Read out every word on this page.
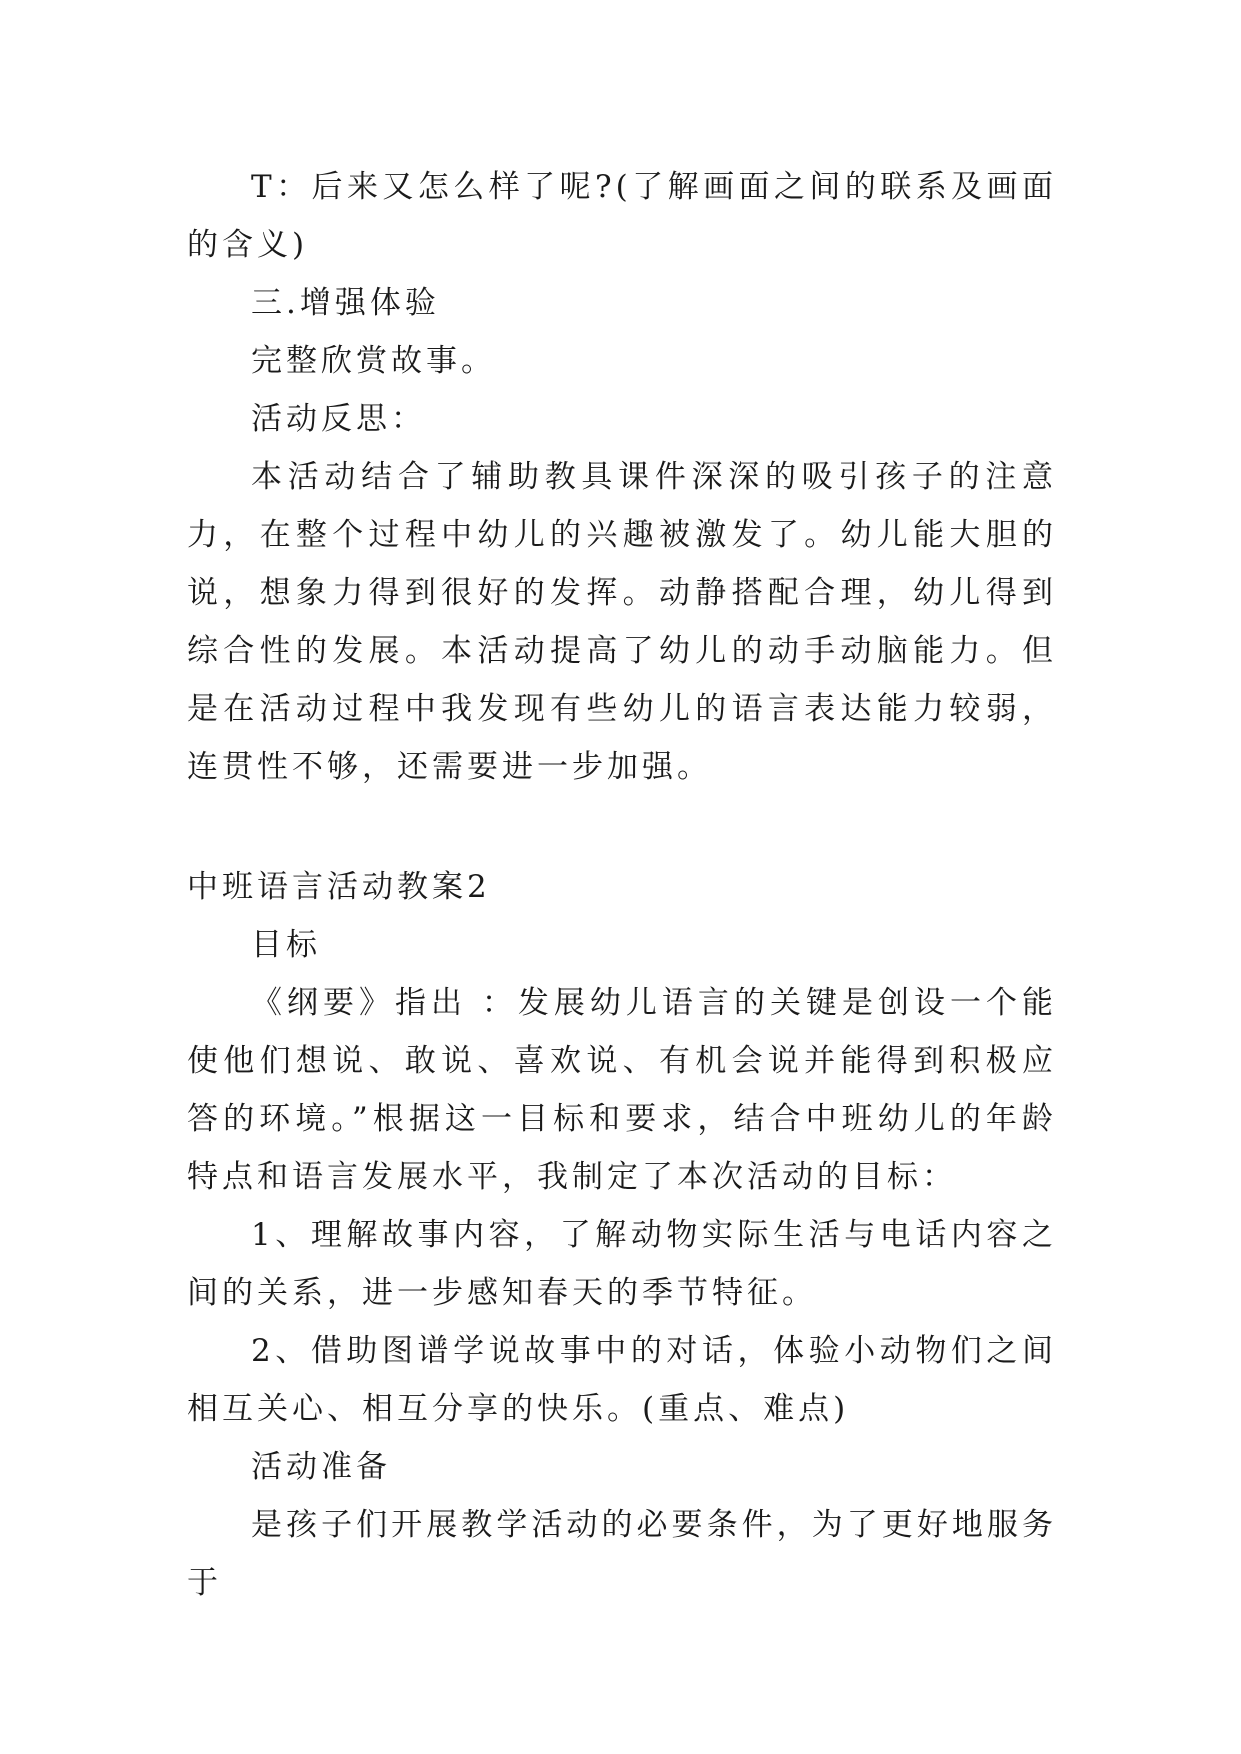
T：后来又怎么样了呢?(了解画面之间的联系及画面的含义)

三.增强体验

完整欣赏故事。

活动反思：

本活动结合了辅助教具课件深深的吸引孩子的注意力，在整个过程中幼儿的兴趣被激发了。幼儿能大胆的说，想象力得到很好的发挥。动静搭配合理，幼儿得到综合性的发展。本活动提高了幼儿的动手动脑能力。但是在活动过程中我发现有些幼儿的语言表达能力较弱，连贯性不够，还需要进一步加强。

中班语言活动教案2

目标

《纲要》指出 ：发展幼儿语言的关键是创设一个能使他们想说、敢说、喜欢说、有机会说并能得到积极应答的环境。”根据这一目标和要求，结合中班幼儿的年龄特点和语言发展水平，我制定了本次活动的目标：

1、理解故事内容，了解动物实际生活与电话内容之间的关系，进一步感知春天的季节特征。

2、借助图谱学说故事中的对话，体验小动物们之间相互关心、相互分享的快乐。(重点、难点)

活动准备

是孩子们开展教学活动的必要条件，为了更好地服务于
